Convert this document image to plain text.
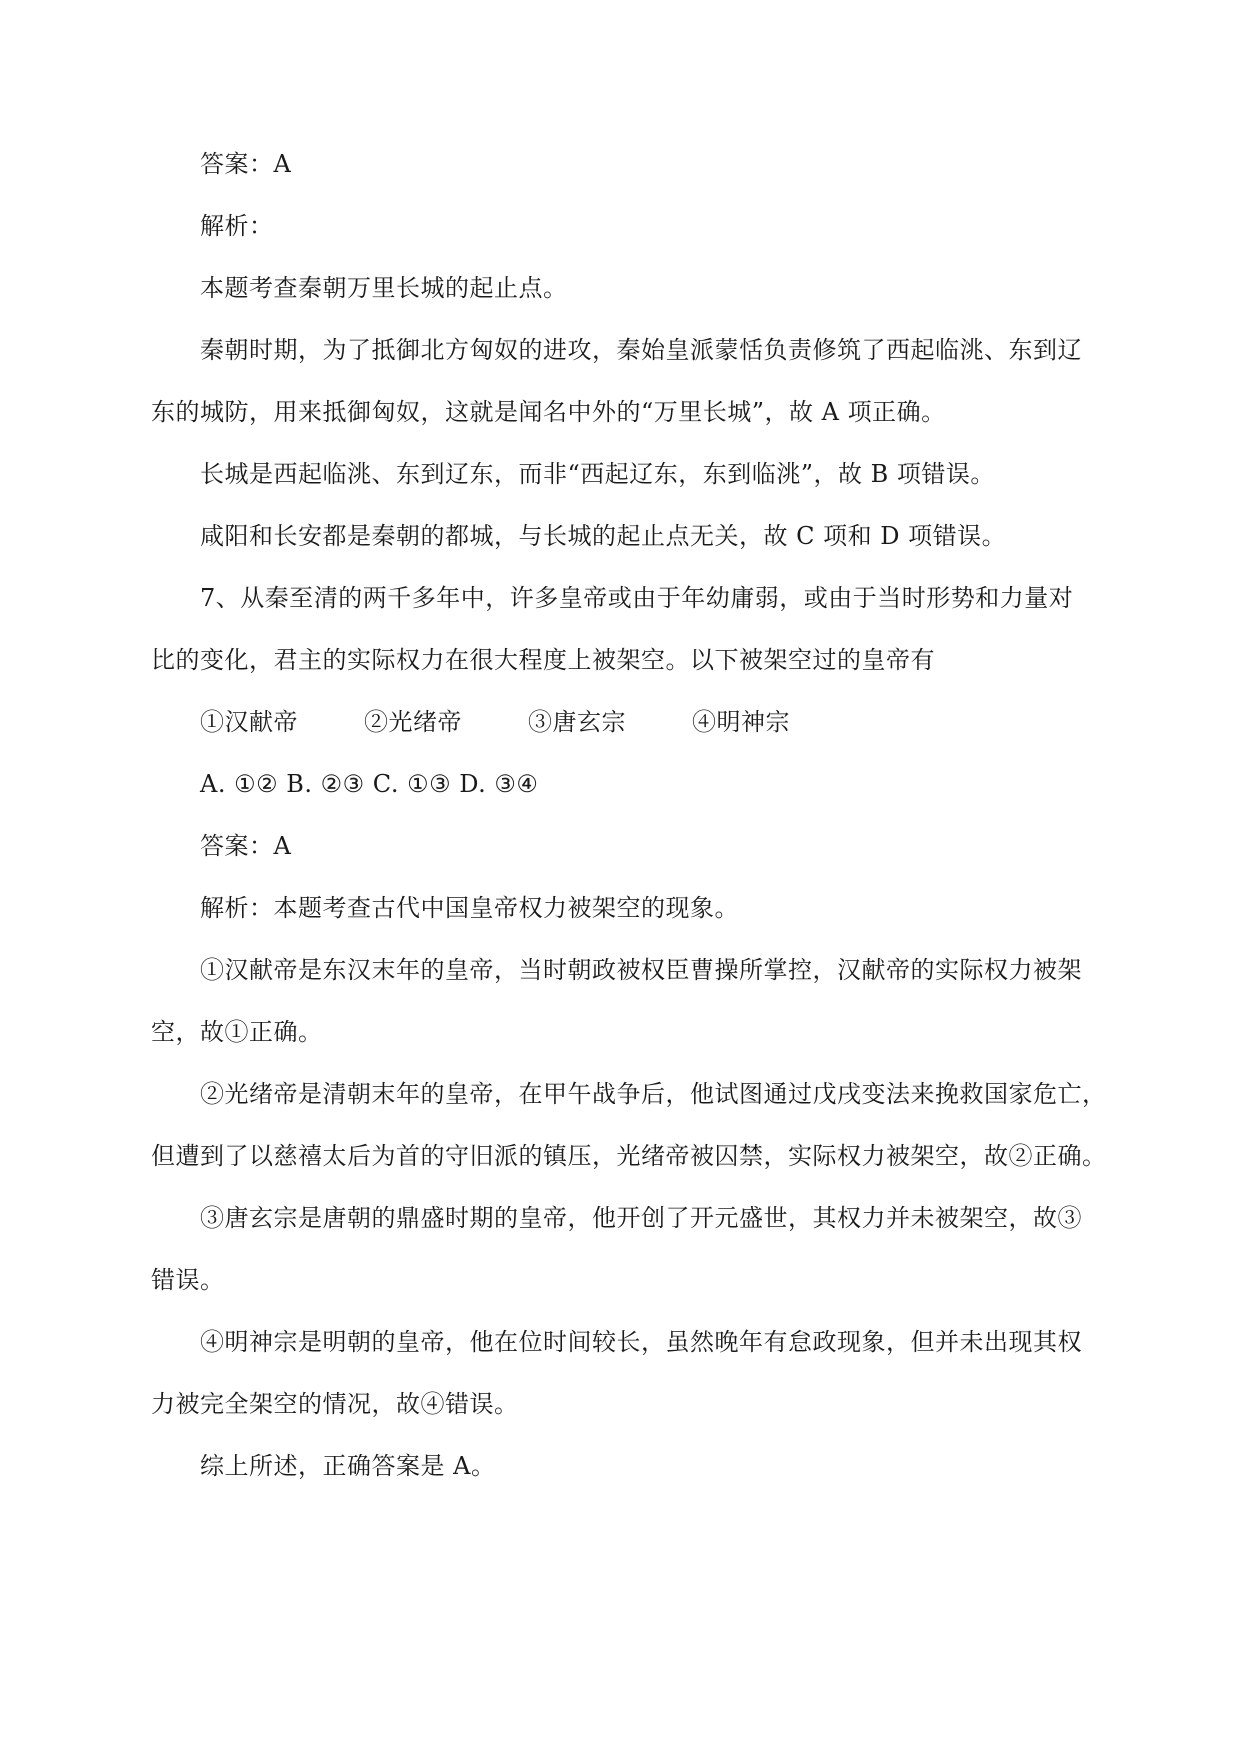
答案：A
解析：
本题考查秦朝万里长城的起止点。
秦朝时期，为了抵御北方匈奴的进攻，秦始皇派蒙恬负责修筑了西起临洮、东到辽
东的城防，用来抵御匈奴，这就是闻名中外的“万里长城”，故 A 项正确。
长城是西起临洮、东到辽东，而非“西起辽东，东到临洮”，故 B 项错误。
咸阳和长安都是秦朝的都城，与长城的起止点无关，故 C 项和 D 项错误。
7、从秦至清的两千多年中，许多皇帝或由于年幼庸弱，或由于当时形势和力量对
比的变化，君主的实际权力在很大程度上被架空。以下被架空过的皇帝有
①汉献帝	②光绪帝	③唐玄宗	④明神宗
A. ①② B. ②③ C. ①③ D. ③④
答案：A
解析：本题考查古代中国皇帝权力被架空的现象。
①汉献帝是东汉末年的皇帝，当时朝政被权臣曹操所掌控，汉献帝的实际权力被架
空，故①正确。
②光绪帝是清朝末年的皇帝，在甲午战争后，他试图通过戊戌变法来挽救国家危亡，
但遭到了以慈禧太后为首的守旧派的镇压，光绪帝被囚禁，实际权力被架空，故②正确。
③唐玄宗是唐朝的鼎盛时期的皇帝，他开创了开元盛世，其权力并未被架空，故③
错误。
④明神宗是明朝的皇帝，他在位时间较长，虽然晚年有怠政现象，但并未出现其权
力被完全架空的情况，故④错误。
综上所述，正确答案是 A。
